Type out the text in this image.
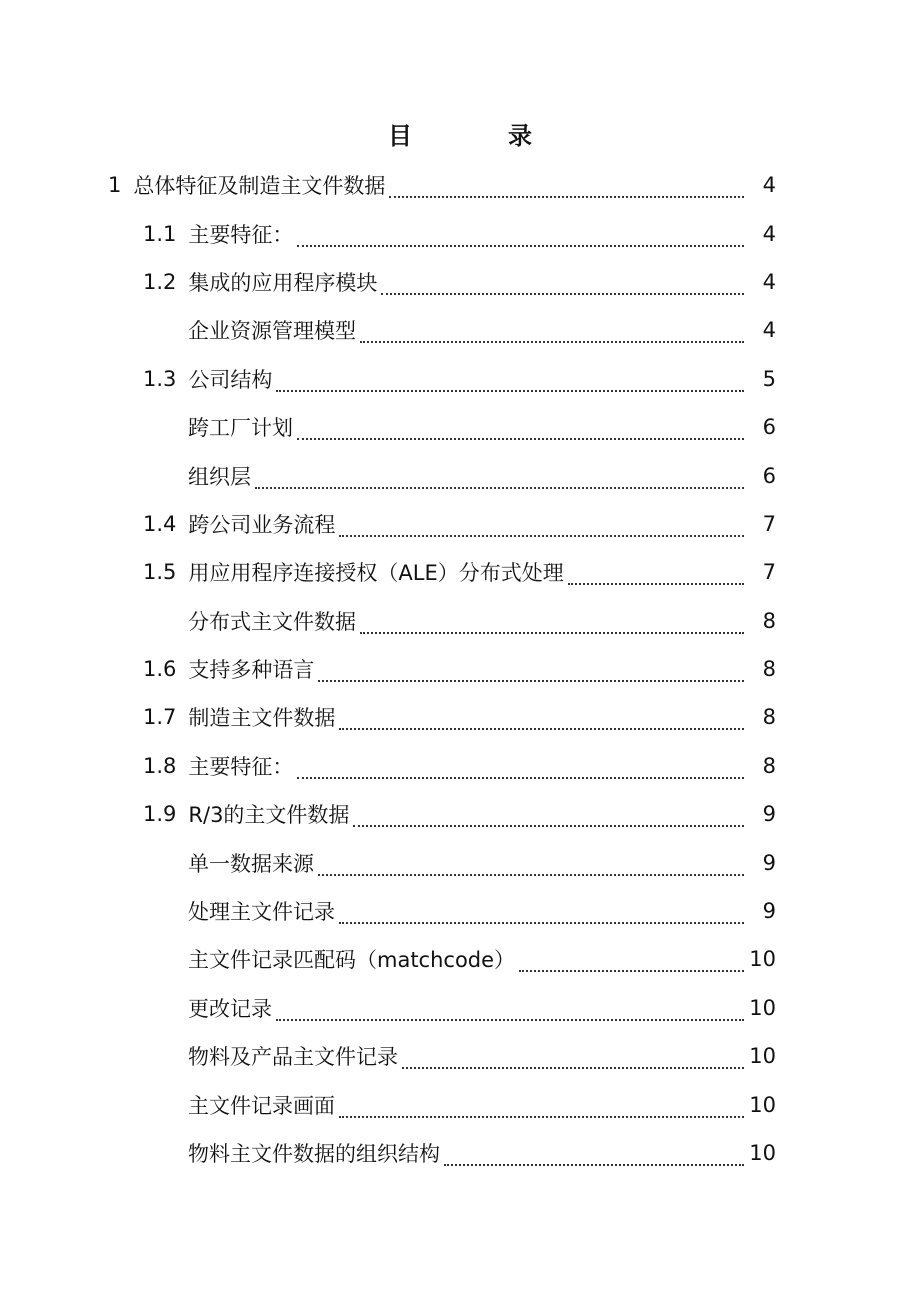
目	录
1 总体特征及制造主文件数据	4
1.1 主要特征：	4
1.2 集成的应用程序模块	4
企业资源管理模型	4
1.3 公司结构	5
跨工厂计划	6
组织层	6
1.4 跨公司业务流程	7
1.5 用应用程序连接授权（ALE）分布式处理	7
分布式主文件数据	8
1.6 支持多种语言	8
1.7 制造主文件数据	8
1.8 主要特征：	8
1.9 R/3的主文件数据	9
单一数据来源	9
处理主文件记录	9
主文件记录匹配码（matchcode）	10
更改记录	10
物料及产品主文件记录	10
主文件记录画面	10
物料主文件数据的组织结构	10
